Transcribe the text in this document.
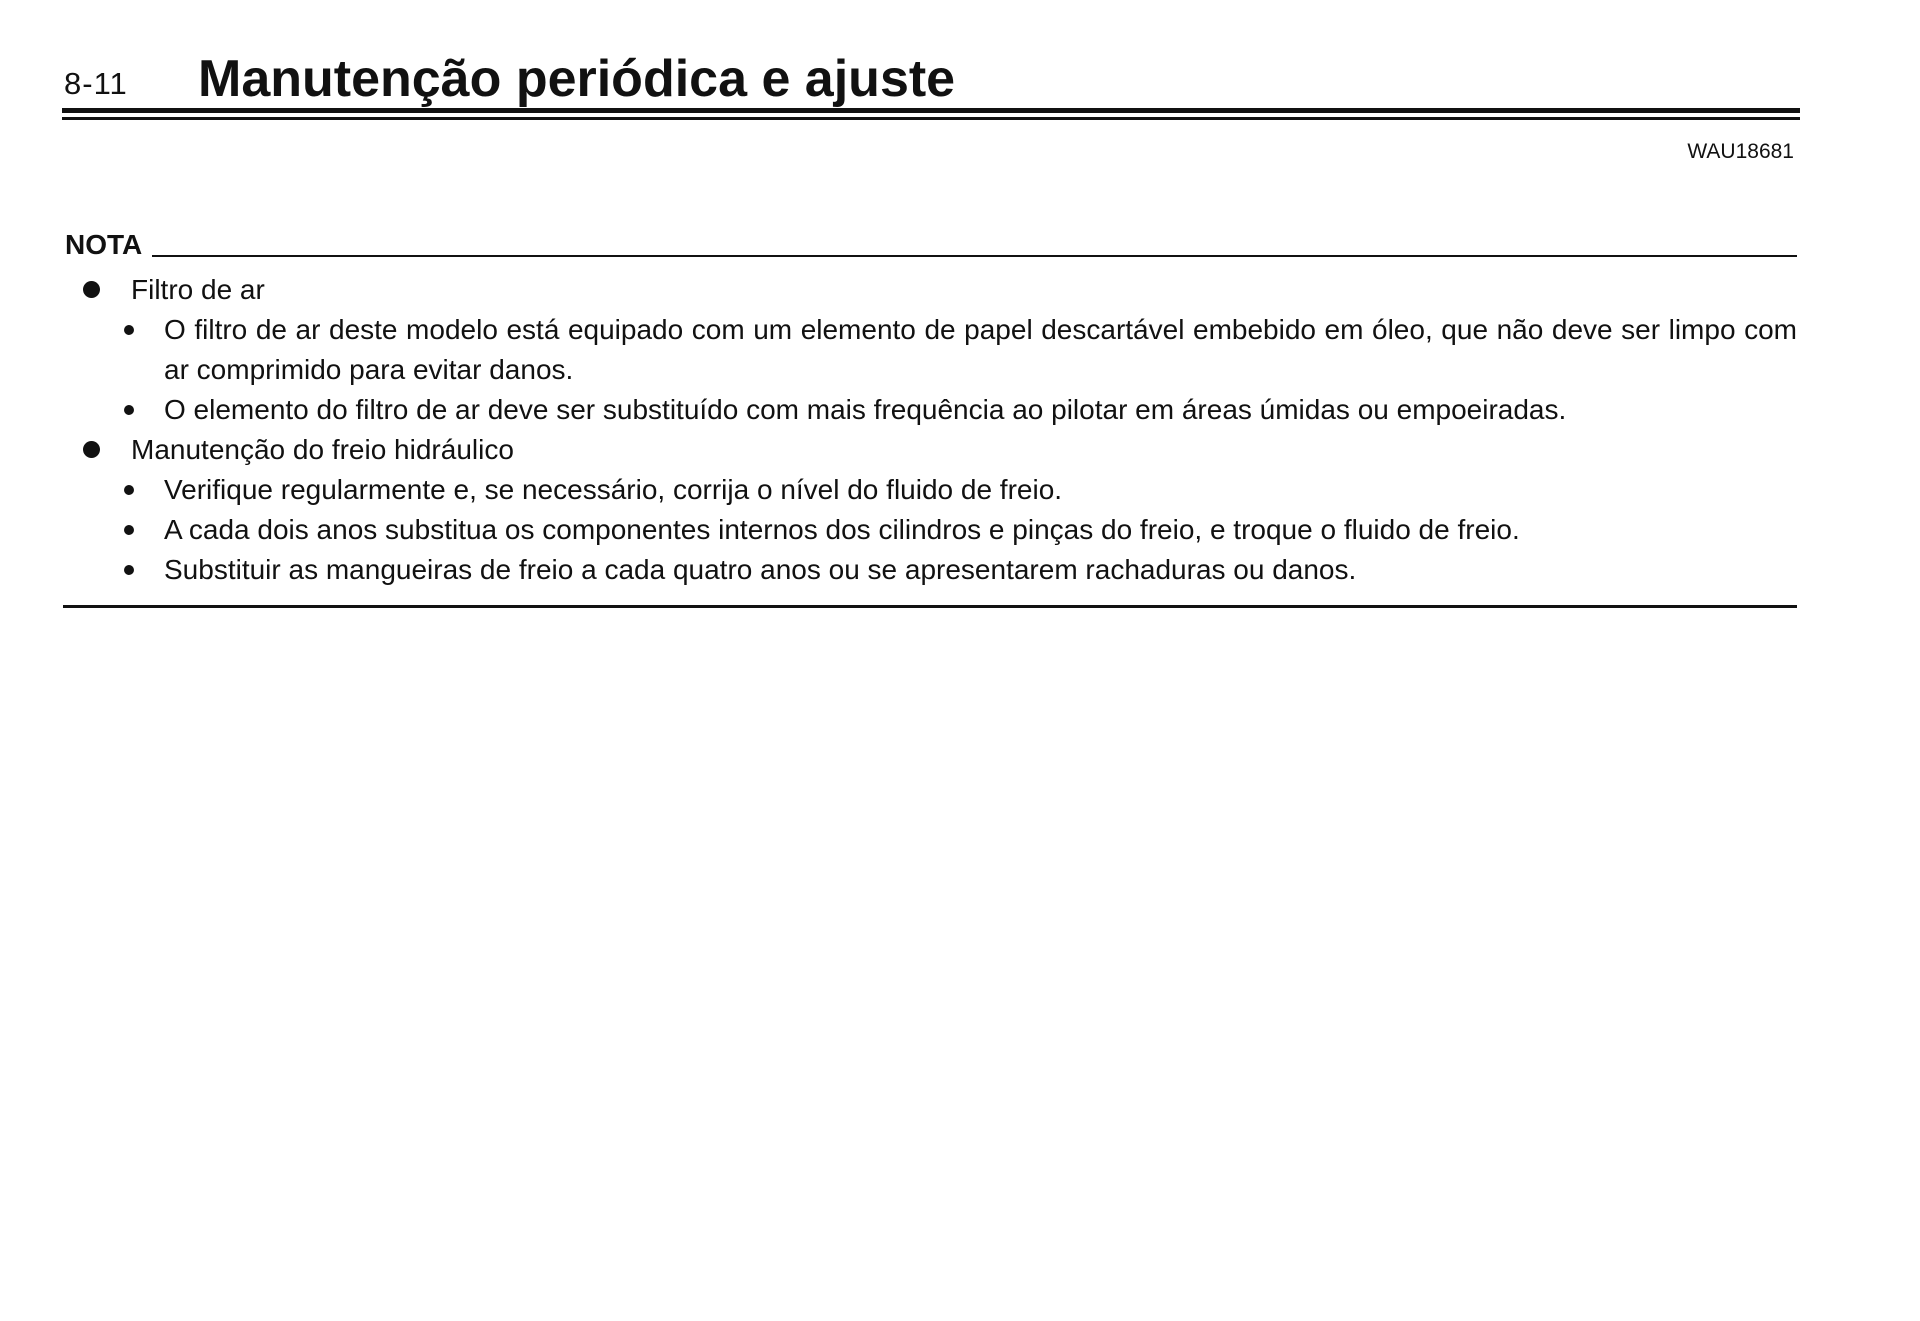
8-11 Manutenção periódica e ajuste
WAU18681
NOTA
Filtro de ar
O filtro de ar deste modelo está equipado com um elemento de papel descartável embebido em óleo, que não deve ser limpo com ar comprimido para evitar danos.
O elemento do filtro de ar deve ser substituído com mais frequência ao pilotar em áreas úmidas ou empoeiradas.
Manutenção do freio hidráulico
Verifique regularmente e, se necessário, corrija o nível do fluido de freio.
A cada dois anos substitua os componentes internos dos cilindros e pinças do freio, e troque o fluido de freio.
Substituir as mangueiras de freio a cada quatro anos ou se apresentarem rachaduras ou danos.
